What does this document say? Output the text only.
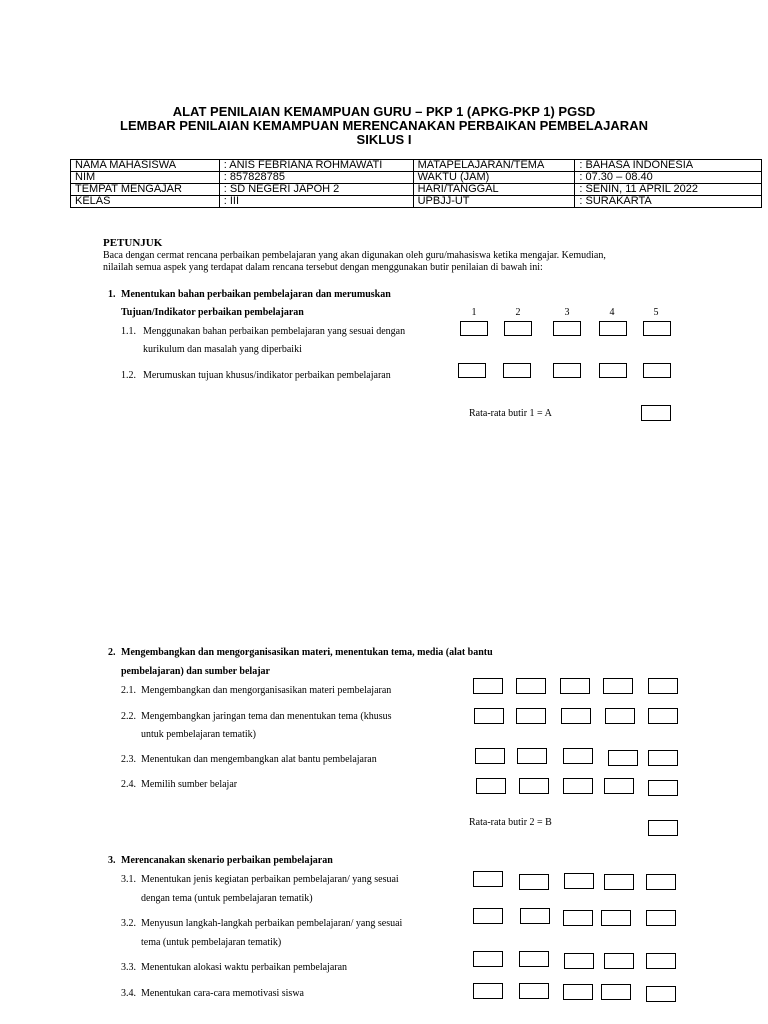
ALAT PENILAIAN KEMAMPUAN GURU – PKP 1 (APKG-PKP 1) PGSD
LEMBAR PENILAIAN KEMAMPUAN MERENCANAKAN PERBAIKAN PEMBELAJARAN
SIKLUS I
NAMA MAHASISWA	: ANIS FEBRIANA ROHMAWATI	MATAPELAJARAN/TEMA	: BAHASA INDONESIA
NIM	: 857828785	WAKTU (JAM)	: 07.30 – 08.40
TEMPAT MENGAJAR	: SD NEGERI JAPOH 2	HARI/TANGGAL	: SENIN, 11 APRIL 2022
KELAS	: III	UPBJJ-UT	: SURAKARTA
PETUNJUK
Baca dengan cermat rencana perbaikan pembelajaran yang akan digunakan oleh guru/mahasiswa ketika mengajar. Kemudian,
nilailah semua aspek yang terdapat dalam rencana tersebut dengan menggunakan butir penilaian di bawah ini:
1. Menentukan bahan perbaikan pembelajaran dan merumuskan
Tujuan/Indikator perbaikan pembelajaran	1	2	3	4	5
1.1. Menggunakan bahan perbaikan pembelajaran yang sesuai dengan
kurikulum dan masalah yang diperbaiki
1.2. Merumuskan tujuan khusus/indikator perbaikan pembelajaran
Rata-rata butir 1 = A
2. Mengembangkan dan mengorganisasikan materi, menentukan tema, media (alat bantu
pembelajaran) dan sumber belajar
2.1. Mengembangkan dan mengorganisasikan materi pembelajaran
2.2. Mengembangkan jaringan tema dan menentukan tema (khusus
untuk pembelajaran tematik)
2.3. Menentukan dan mengembangkan alat bantu pembelajaran
2.4. Memilih sumber belajar
Rata-rata butir 2 = B
3. Merencanakan skenario perbaikan pembelajaran
3.1. Menentukan jenis kegiatan perbaikan pembelajaran/ yang sesuai
dengan tema (untuk pembelajaran tematik)
3.2. Menyusun langkah-langkah perbaikan pembelajaran/ yang sesuai
tema (untuk pembelajaran tematik)
3.3. Menentukan alokasi waktu perbaikan pembelajaran
3.4. Menentukan cara-cara memotivasi siswa
